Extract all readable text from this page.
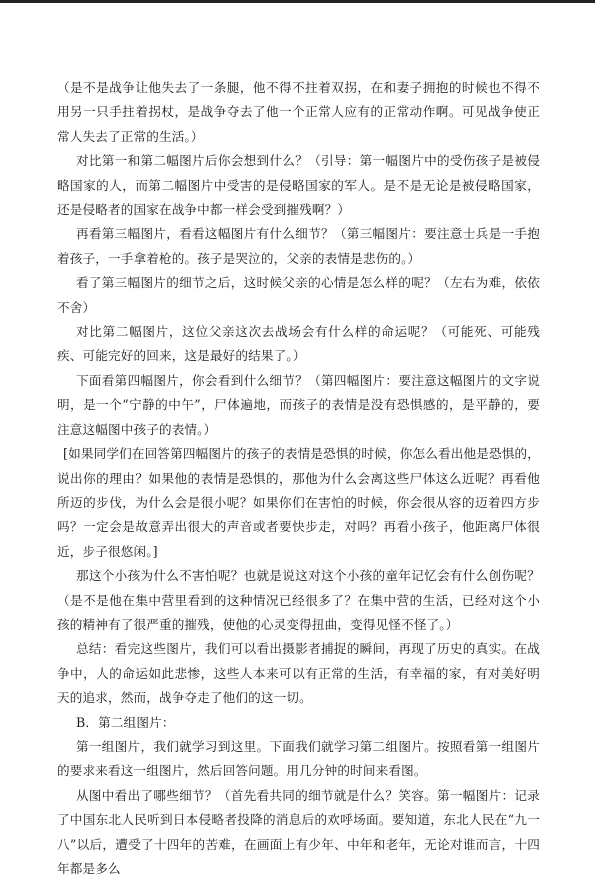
（是不是战争让他失去了一条腿，他不得不拄着双拐，在和妻子拥抱的时候也不得不用另一只手拄着拐杖，是战争夺去了他一个正常人应有的正常动作啊。可见战争使正常人失去了正常的生活。）

对比第一和第二幅图片后你会想到什么？（引导：第一幅图片中的受伤孩子是被侵略国家的人，而第二幅图片中受害的是侵略国家的军人。是不是无论是被侵略国家，还是侵略者的国家在战争中都一样会受到摧残啊？）

再看第三幅图片，看看这幅图片有什么细节？（第三幅图片：要注意士兵是一手抱着孩子，一手拿着枪的。孩子是哭泣的，父亲的表情是悲伤的。）

看了第三幅图片的细节之后，这时候父亲的心情是怎么样的呢？（左右为难，依依不舍）

对比第二幅图片，这位父亲这次去战场会有什么样的命运呢？（可能死、可能残疾、可能完好的回来，这是最好的结果了。）

下面看第四幅图片，你会看到什么细节？（第四幅图片：要注意这幅图片的文字说明，是一个“宁静的中午”，尸体遍地，而孩子的表情是没有恐惧感的，是平静的，要注意这幅图中孩子的表情。）

[如果同学们在回答第四幅图片的孩子的表情是恐惧的时候，你怎么看出他是恐惧的，说出你的理由？如果他的表情是恐惧的，那他为什么会离这些尸体这么近呢？再看他所迈的步伐，为什么会是很小呢？如果你们在害怕的时候，你会很从容的迈着四方步吗？一定会是故意弄出很大的声音或者要快步走，对吗？再看小孩子，他距离尸体很近，步子很悠闲。]

那这个小孩为什么不害怕呢？也就是说这对这个小孩的童年记忆会有什么创伤呢？（是不是他在集中营里看到的这种情况已经很多了？在集中营的生活，已经对这个小孩的精神有了很严重的摧残，使他的心灵变得扭曲，变得见怪不怪了。）

总结：看完这些图片，我们可以看出摄影者捕捉的瞬间，再现了历史的真实。在战争中，人的命运如此悲惨，这些人本来可以有正常的生活，有幸福的家，有对美好明天的追求，然而，战争夺走了他们的这一切。

B．第二组图片：

第一组图片，我们就学习到这里。下面我们就学习第二组图片。按照看第一组图片的要求来看这一组图片，然后回答问题。用几分钟的时间来看图。

从图中看出了哪些细节？（首先看共同的细节就是什么？笑容。第一幅图片：记录了中国东北人民听到日本侵略者投降的消息后的欢呼场面。要知道，东北人民在“九一八”以后，遭受了十四年的苦难，在画面上有少年、中年和老年，无论对谁而言，十四年都是多么
